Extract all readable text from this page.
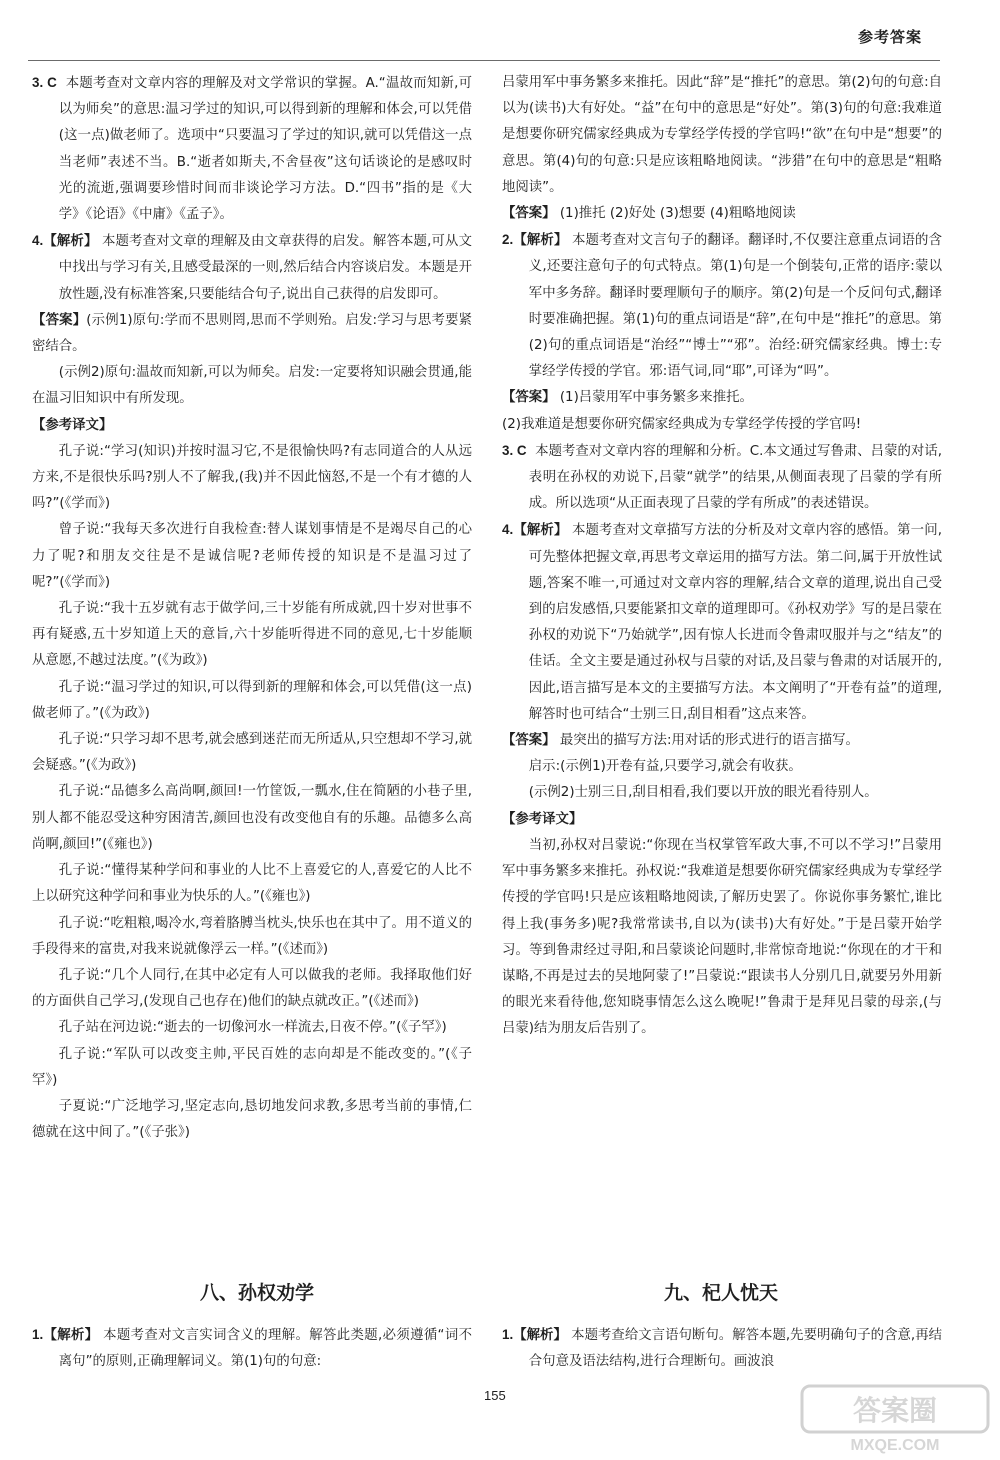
参考答案

3. C 本题考查对文章内容的理解及对文学常识的掌握。A.“温故而知新,可以为师矣”的意思:温习学过的知识,可以得到新的理解和体会,可以凭借(这一点)做老师了。选项中“只要温习了学过的知识,就可以凭借这一点当老师”表述不当。B.“逝者如斯夫,不舍昼夜”这句话谈论的是感叹时光的流逝,强调要珍惜时间而非谈论学习方法。D.“四书”指的是《大学》《论语》《中庸》《孟子》。

4.【解析】 本题考查对文章的理解及由文章获得的启发。解答本题,可从文中找出与学习有关,且感受最深的一则,然后结合内容谈启发。本题是开放性题,没有标准答案,只要能结合句子,说出自己获得的启发即可。

【答案】(示例1)原句:学而不思则罔,思而不学则殆。启发:学习与思考要紧密结合。

(示例2)原句:温故而知新,可以为师矣。启发:一定要将知识融会贯通,能在温习旧知识中有所发现。

【参考译文】

孔子说:“学习(知识)并按时温习它,不是很愉快吗?有志同道合的人从远方来,不是很快乐吗?别人不了解我,(我)并不因此恼怒,不是一个有才德的人吗?”(《学而》)

曾子说:“我每天多次进行自我检查:替人谋划事情是不是竭尽自己的心力了呢?和朋友交往是不是诚信呢?老师传授的知识是不是温习过了呢?”(《学而》)

孔子说:“我十五岁就有志于做学问,三十岁能有所成就,四十岁对世事不再有疑惑,五十岁知道上天的意旨,六十岁能听得进不同的意见,七十岁能顺从意愿,不越过法度。”(《为政》)

孔子说:“温习学过的知识,可以得到新的理解和体会,可以凭借(这一点)做老师了。”(《为政》)

孔子说:“只学习却不思考,就会感到迷茫而无所适从,只空想却不学习,就会疑惑。”(《为政》)

孔子说:“品德多么高尚啊,颜回!一竹筐饭,一瓢水,住在简陋的小巷子里,别人都不能忍受这种穷困清苦,颜回也没有改变他自有的乐趣。品德多么高尚啊,颜回!”(《雍也》)

孔子说:“懂得某种学问和事业的人比不上喜爱它的人,喜爱它的人比不上以研究这种学问和事业为快乐的人。”(《雍也》)

孔子说:“吃粗粮,喝冷水,弯着胳膊当枕头,快乐也在其中了。用不道义的手段得来的富贵,对我来说就像浮云一样。”(《述而》)

孔子说:“几个人同行,在其中必定有人可以做我的老师。我择取他们好的方面供自己学习,(发现自己也存在)他们的缺点就改正。”(《述而》)

孔子站在河边说:“逝去的一切像河水一样流去,日夜不停。”(《子罕》)

孔子说:“军队可以改变主帅,平民百姓的志向却是不能改变的。”(《子罕》)

子夏说:“广泛地学习,坚定志向,恳切地发问求教,多思考当前的事情,仁德就在这中间了。”(《子张》)

吕蒙用军中事务繁多来推托。因此“辞”是“推托”的意思。第(2)句的句意:自以为(读书)大有好处。“益”在句中的意思是“好处”。第(3)句的句意:我难道是想要你研究儒家经典成为专掌经学传授的学官吗!“欲”在句中是“想要”的意思。第(4)句的句意:只是应该粗略地阅读。“涉猎”在句中的意思是“粗略地阅读”。

【答案】 (1)推托 (2)好处 (3)想要 (4)粗略地阅读

2.【解析】 本题考查对文言句子的翻译。翻译时,不仅要注意重点词语的含义,还要注意句子的句式特点。第(1)句是一个倒装句,正常的语序:蒙以军中多务辞。翻译时要理顺句子的顺序。第(2)句是一个反问句式,翻译时要准确把握。第(1)句的重点词语是“辞”,在句中是“推托”的意思。第(2)句的重点词语是“治经”“博士”“邪”。治经:研究儒家经典。博士:专掌经学传授的学官。邪:语气词,同“耶”,可译为“吗”。

【答案】 (1)吕蒙用军中事务繁多来推托。

(2)我难道是想要你研究儒家经典成为专掌经学传授的学官吗!

3. C 本题考查对文章内容的理解和分析。C.本文通过写鲁肃、吕蒙的对话,表明在孙权的劝说下,吕蒙“就学”的结果,从侧面表现了吕蒙的学有所成。所以选项“从正面表现了吕蒙的学有所成”的表述错误。

4.【解析】 本题考查对文章描写方法的分析及对文章内容的感悟。第一问,可先整体把握文章,再思考文章运用的描写方法。第二问,属于开放性试题,答案不唯一,可通过对文章内容的理解,结合文章的道理,说出自己受到的启发感悟,只要能紧扣文章的道理即可。《孙权劝学》写的是吕蒙在孙权的劝说下“乃始就学”,因有惊人长进而令鲁肃叹服并与之“结友”的佳话。全文主要是通过孙权与吕蒙的对话,及吕蒙与鲁肃的对话展开的,因此,语言描写是本文的主要描写方法。本文阐明了“开卷有益”的道理,解答时也可结合“士别三日,刮目相看”这点来答。

【答案】 最突出的描写方法:用对话的形式进行的语言描写。

启示:(示例1)开卷有益,只要学习,就会有收获。

(示例2)士别三日,刮目相看,我们要以开放的眼光看待别人。

【参考译文】

当初,孙权对吕蒙说:“你现在当权掌管军政大事,不可以不学习!”吕蒙用军中事务繁多来推托。孙权说:“我难道是想要你研究儒家经典成为专掌经学传授的学官吗!只是应该粗略地阅读,了解历史罢了。你说你事务繁忙,谁比得上我(事务多)呢?我常常读书,自以为(读书)大有好处。”于是吕蒙开始学习。等到鲁肃经过寻阳,和吕蒙谈论问题时,非常惊奇地说:“你现在的才干和谋略,不再是过去的吴地阿蒙了!”吕蒙说:“跟读书人分别几日,就要另外用新的眼光来看待他,您知晓事情怎么这么晚呢!”鲁肃于是拜见吕蒙的母亲,(与吕蒙)结为朋友后告别了。

八、孙权劝学	九、杞人忧天

1.【解析】 本题考查对文言实词含义的理解。解答此类题,必须遵循“词不离句”的原则,正确理解词义。第(1)句的句意:

1.【解析】 本题考查给文言语句断句。解答本题,先要明确句子的含意,再结合句意及语法结构,进行合理断句。画波浪

155	答案圈
MXQE.COM
